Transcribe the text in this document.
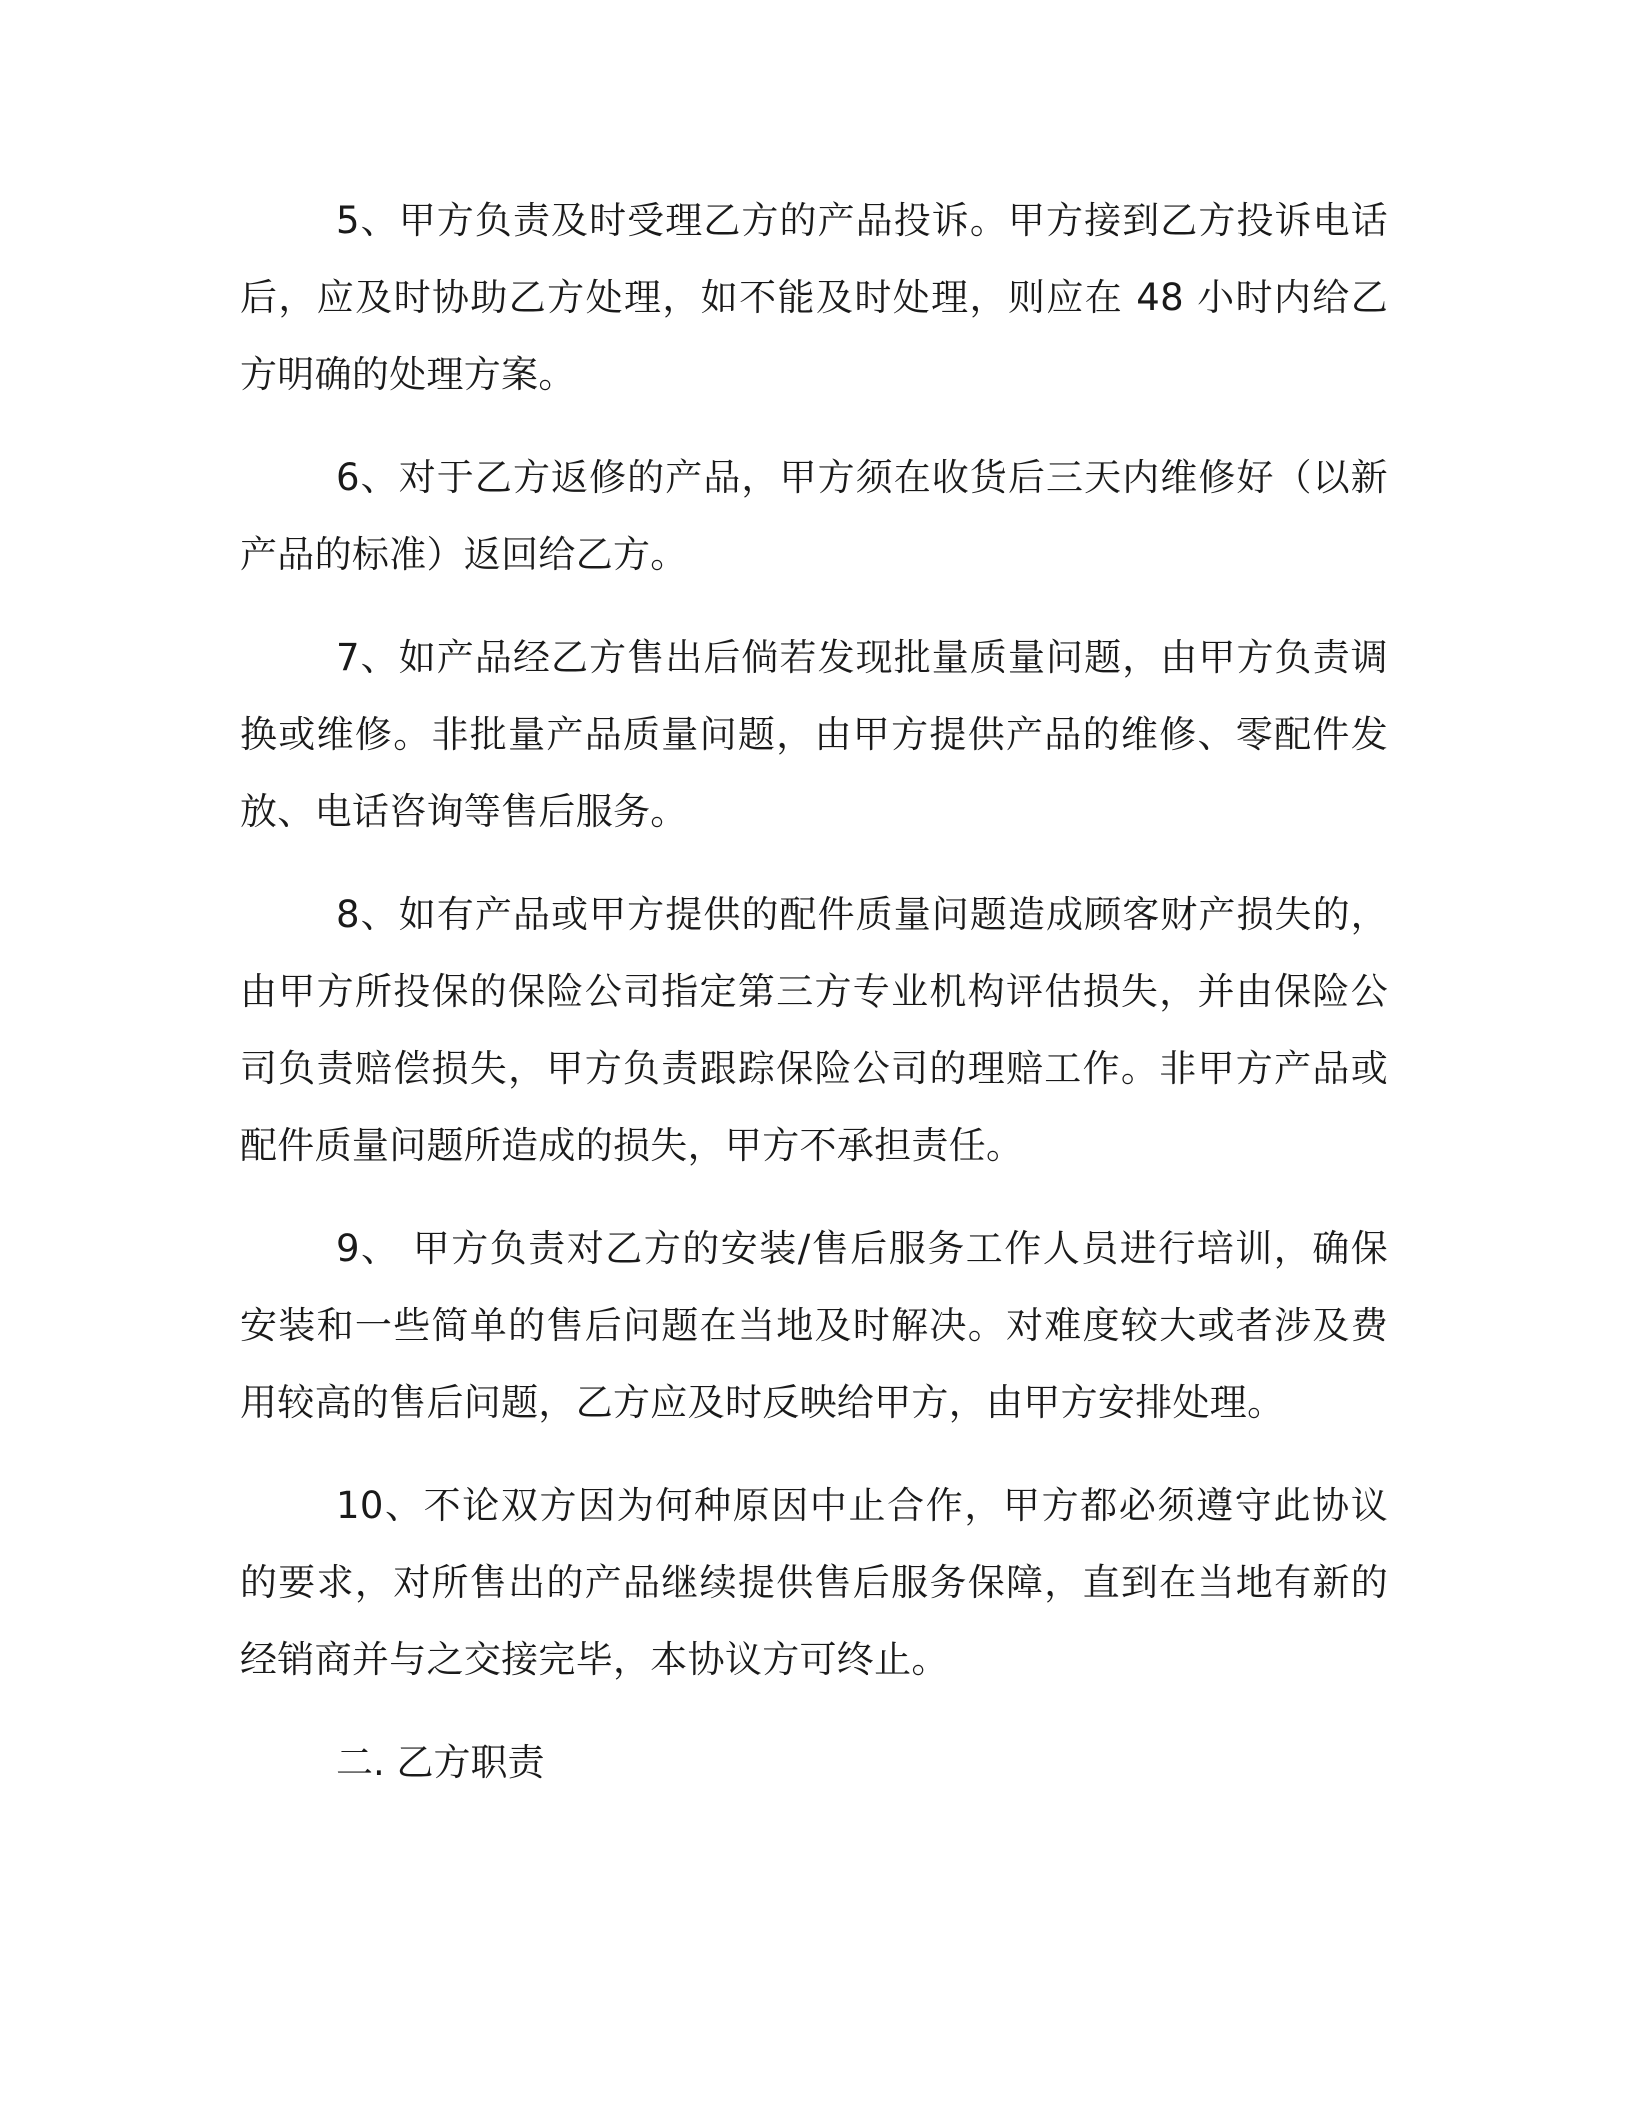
5、甲方负责及时受理乙方的产品投诉。甲方接到乙方投诉电话后，应及时协助乙方处理，如不能及时处理，则应在 48 小时内给乙方明确的处理方案。

6、对于乙方返修的产品，甲方须在收货后三天内维修好（以新产品的标准）返回给乙方。

7、如产品经乙方售出后倘若发现批量质量问题，由甲方负责调换或维修。非批量产品质量问题，由甲方提供产品的维修、零配件发放、电话咨询等售后服务。

8、如有产品或甲方提供的配件质量问题造成顾客财产损失的，由甲方所投保的保险公司指定第三方专业机构评估损失，并由保险公司负责赔偿损失，甲方负责跟踪保险公司的理赔工作。非甲方产品或配件质量问题所造成的损失，甲方不承担责任。

9、 甲方负责对乙方的安装/售后服务工作人员进行培训，确保安装和一些简单的售后问题在当地及时解决。对难度较大或者涉及费用较高的售后问题，乙方应及时反映给甲方，由甲方安排处理。

10、不论双方因为何种原因中止合作，甲方都必须遵守此协议的要求，对所售出的产品继续提供售后服务保障，直到在当地有新的经销商并与之交接完毕，本协议方可终止。

二. 乙方职责
